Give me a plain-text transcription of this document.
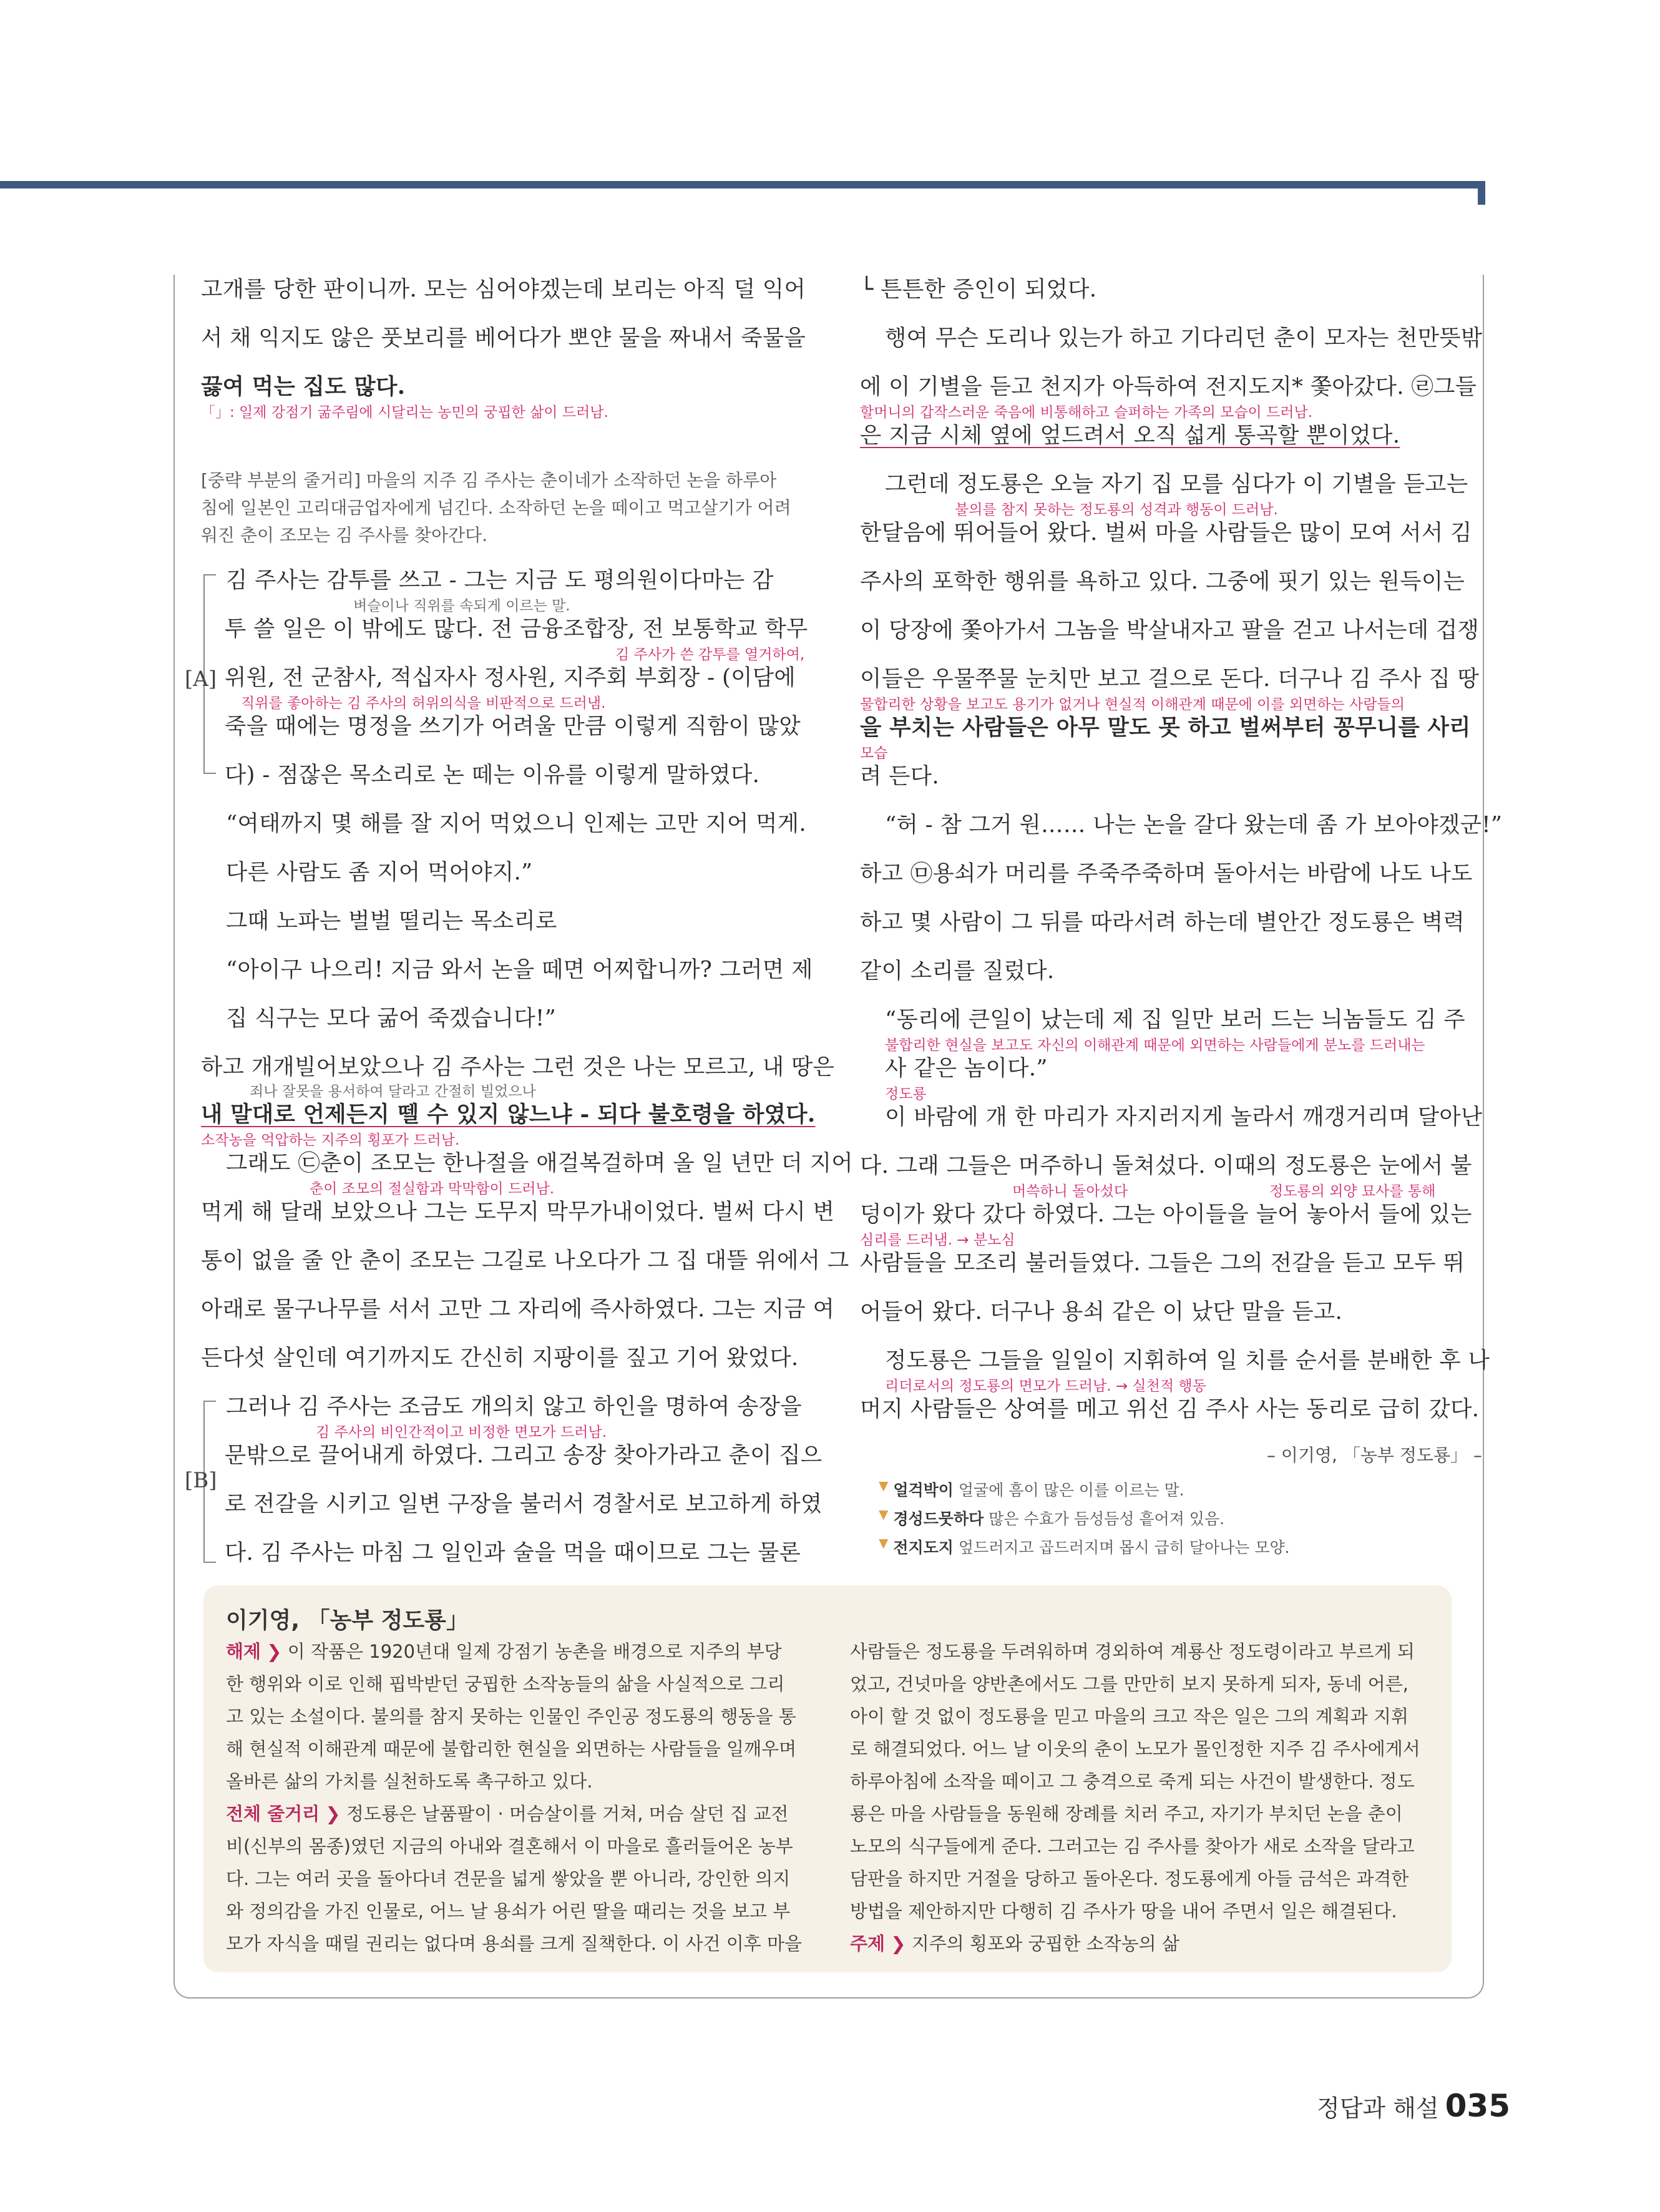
고개를 당한 판이니까. 모는 심어야겠는데 보리는 아직 덜 익어
서 채 익지도 않은 풋보리를 베어다가 뽀얀 물을 짜내서 죽물을
끓여 먹는 집도 많다.
「」: 일제 강점기 굶주림에 시달리는 농민의 궁핍한 삶이 드러남.
[중략 부분의 줄거리] 마을의 지주 김 주사는 춘이네가 소작하던 논을 하루아
침에 일본인 고리대금업자에게 넘긴다. 소작하던 논을 떼이고 먹고살기가 어려
워진 춘이 조모는 김 주사를 찾아간다.
[A]
김 주사는 감투를 쓰고 - 그는 지금 도 평의원이다마는 감
벼슬이나 직위를 속되게 이르는 말.
투 쓸 일은 이 밖에도 많다. 전 금융조합장, 전 보통학교 학무
김 주사가 쓴 감투를 열거하여,
위원, 전 군참사, 적십자사 정사원, 지주회 부회장 - (이담에
직위를 좋아하는 김 주사의 허위의식을 비판적으로 드러냄.
죽을 때에는 명정을 쓰기가 어려울 만큼 이렇게 직함이 많았
다) - 점잖은 목소리로 논 떼는 이유를 이렇게 말하였다.
“여태까지 몇 해를 잘 지어 먹었으니 인제는 고만 지어 먹게.
다른 사람도 좀 지어 먹어야지.”
그때 노파는 벌벌 떨리는 목소리로
“아이구 나으리! 지금 와서 논을 떼면 어찌합니까? 그러면 제
집 식구는 모다 굶어 죽겠습니다!”
하고 개개빌어보았으나 김 주사는 그런 것은 나는 모르고, 내 땅은
죄나 잘못을 용서하여 달라고 간절히 빌었으나
내 말대로 언제든지 뗄 수 있지 않느냐 - 되다 불호령을 하였다.
소작농을 억압하는 지주의 횡포가 드러남.
그래도 ㉢춘이 조모는 한나절을 애걸복걸하며 올 일 년만 더 지어
춘이 조모의 절실함과 막막함이 드러남.
먹게 해 달래 보았으나 그는 도무지 막무가내이었다. 벌써 다시 변
통이 없을 줄 안 춘이 조모는 그길로 나오다가 그 집 대뜰 위에서 그
아래로 물구나무를 서서 고만 그 자리에 즉사하였다. 그는 지금 여
든다섯 살인데 여기까지도 간신히 지팡이를 짚고 기어 왔었다.
[B]
그러나 김 주사는 조금도 개의치 않고 하인을 명하여 송장을
김 주사의 비인간적이고 비정한 면모가 드러남.
문밖으로 끌어내게 하였다. 그리고 송장 찾아가라고 춘이 집으
로 전갈을 시키고 일변 구장을 불러서 경찰서로 보고하게 하였
다. 김 주사는 마침 그 일인과 술을 먹을 때이므로 그는 물론
└ 튼튼한 증인이 되었다.
행여 무슨 도리나 있는가 하고 기다리던 춘이 모자는 천만뜻밖
에 이 기별을 듣고 천지가 아득하여 전지도지* 쫓아갔다. ㉣그들
할머니의 갑작스러운 죽음에 비통해하고 슬퍼하는 가족의 모습이 드러남.
은 지금 시체 옆에 엎드려서 오직 섧게 통곡할 뿐이었다.
그런데 정도룡은 오늘 자기 집 모를 심다가 이 기별을 듣고는
불의를 참지 못하는 정도룡의 성격과 행동이 드러남.
한달음에 뛰어들어 왔다. 벌써 마을 사람들은 많이 모여 서서 김
주사의 포학한 행위를 욕하고 있다. 그중에 핏기 있는 원득이는
이 당장에 쫓아가서 그놈을 박살내자고 팔을 걷고 나서는데 겁쟁
이들은 우물쭈물 눈치만 보고 걸으로 돈다. 더구나 김 주사 집 땅
물합리한 상황을 보고도 용기가 없거나 현실적 이해관계 때문에 이를 외면하는 사람들의
을 부치는 사람들은 아무 말도 못 하고 벌써부터 꽁무니를 사리
모습
려 든다.
“허 - 참 그거 원…… 나는 논을 갈다 왔는데 좀 가 보아야겠군!”
하고 ㉤용쇠가 머리를 주죽주죽하며 돌아서는 바람에 나도 나도
하고 몇 사람이 그 뒤를 따라서려 하는데 별안간 정도룡은 벽력
같이 소리를 질렀다.
“동리에 큰일이 났는데 제 집 일만 보러 드는 늬놈들도 김 주
불합리한 현실을 보고도 자신의 이해관계 때문에 외면하는 사람들에게 분노를 드러내는
사 같은 놈이다.”
정도룡
이 바람에 개 한 마리가 자지러지게 놀라서 깨갱거리며 달아난
다. 그래 그들은 머주하니 돌쳐섰다. 이때의 정도룡은 눈에서 불
머쓱하니 돌아섰다	정도룡의 외양 묘사를 통해
덩이가 왔다 갔다 하였다. 그는 아이들을 늘어 놓아서 들에 있는
심리를 드러냄. → 분노심
사람들을 모조리 불러들였다. 그들은 그의 전갈을 듣고 모두 뛰
어들어 왔다. 더구나 용쇠 같은 이 났단 말을 듣고.
정도룡은 그들을 일일이 지휘하여 일 치를 순서를 분배한 후 나
리더로서의 정도룡의 면모가 드러남. → 실천적 행동
머지 사람들은 상여를 메고 위선 김 주사 사는 동리로 급히 갔다.
– 이기영, 「농부 정도룡」 –
▼ 얼걱박이 얼굴에 흠이 많은 이를 이르는 말.
▼ 경성드뭇하다 많은 수효가 듬성듬성 흩어져 있음.
▼ 전지도지 엎드러지고 곱드러지며 몹시 급히 달아나는 모양.
이기영, 「농부 정도룡」
해제 ❯ 이 작품은 1920년대 일제 강점기 농촌을 배경으로 지주의 부당
한 행위와 이로 인해 핍박받던 궁핍한 소작농들의 삶을 사실적으로 그리
고 있는 소설이다. 불의를 참지 못하는 인물인 주인공 정도룡의 행동을 통
해 현실적 이해관계 때문에 불합리한 현실을 외면하는 사람들을 일깨우며
올바른 삶의 가치를 실천하도록 촉구하고 있다.
전체 줄거리 ❯ 정도룡은 날품팔이 · 머슴살이를 거쳐, 머슴 살던 집 교전
비(신부의 몸종)였던 지금의 아내와 결혼해서 이 마을로 흘러들어온 농부
다. 그는 여러 곳을 돌아다녀 견문을 넓게 쌓았을 뿐 아니라, 강인한 의지
와 정의감을 가진 인물로, 어느 날 용쇠가 어린 딸을 때리는 것을 보고 부
모가 자식을 때릴 권리는 없다며 용쇠를 크게 질책한다. 이 사건 이후 마을
사람들은 정도룡을 두려워하며 경외하여 계룡산 정도령이라고 부르게 되
었고, 건넛마을 양반촌에서도 그를 만만히 보지 못하게 되자, 동네 어른,
아이 할 것 없이 정도룡을 믿고 마을의 크고 작은 일은 그의 계획과 지휘
로 해결되었다. 어느 날 이웃의 춘이 노모가 몰인정한 지주 김 주사에게서
하루아침에 소작을 떼이고 그 충격으로 죽게 되는 사건이 발생한다. 정도
룡은 마을 사람들을 동원해 장례를 치러 주고, 자기가 부치던 논을 춘이
노모의 식구들에게 준다. 그러고는 김 주사를 찾아가 새로 소작을 달라고
담판을 하지만 거절을 당하고 돌아온다. 정도룡에게 아들 금석은 과격한
방법을 제안하지만 다행히 김 주사가 땅을 내어 주면서 일은 해결된다.
주제 ❯ 지주의 횡포와 궁핍한 소작농의 삶
정답과 해설 035
